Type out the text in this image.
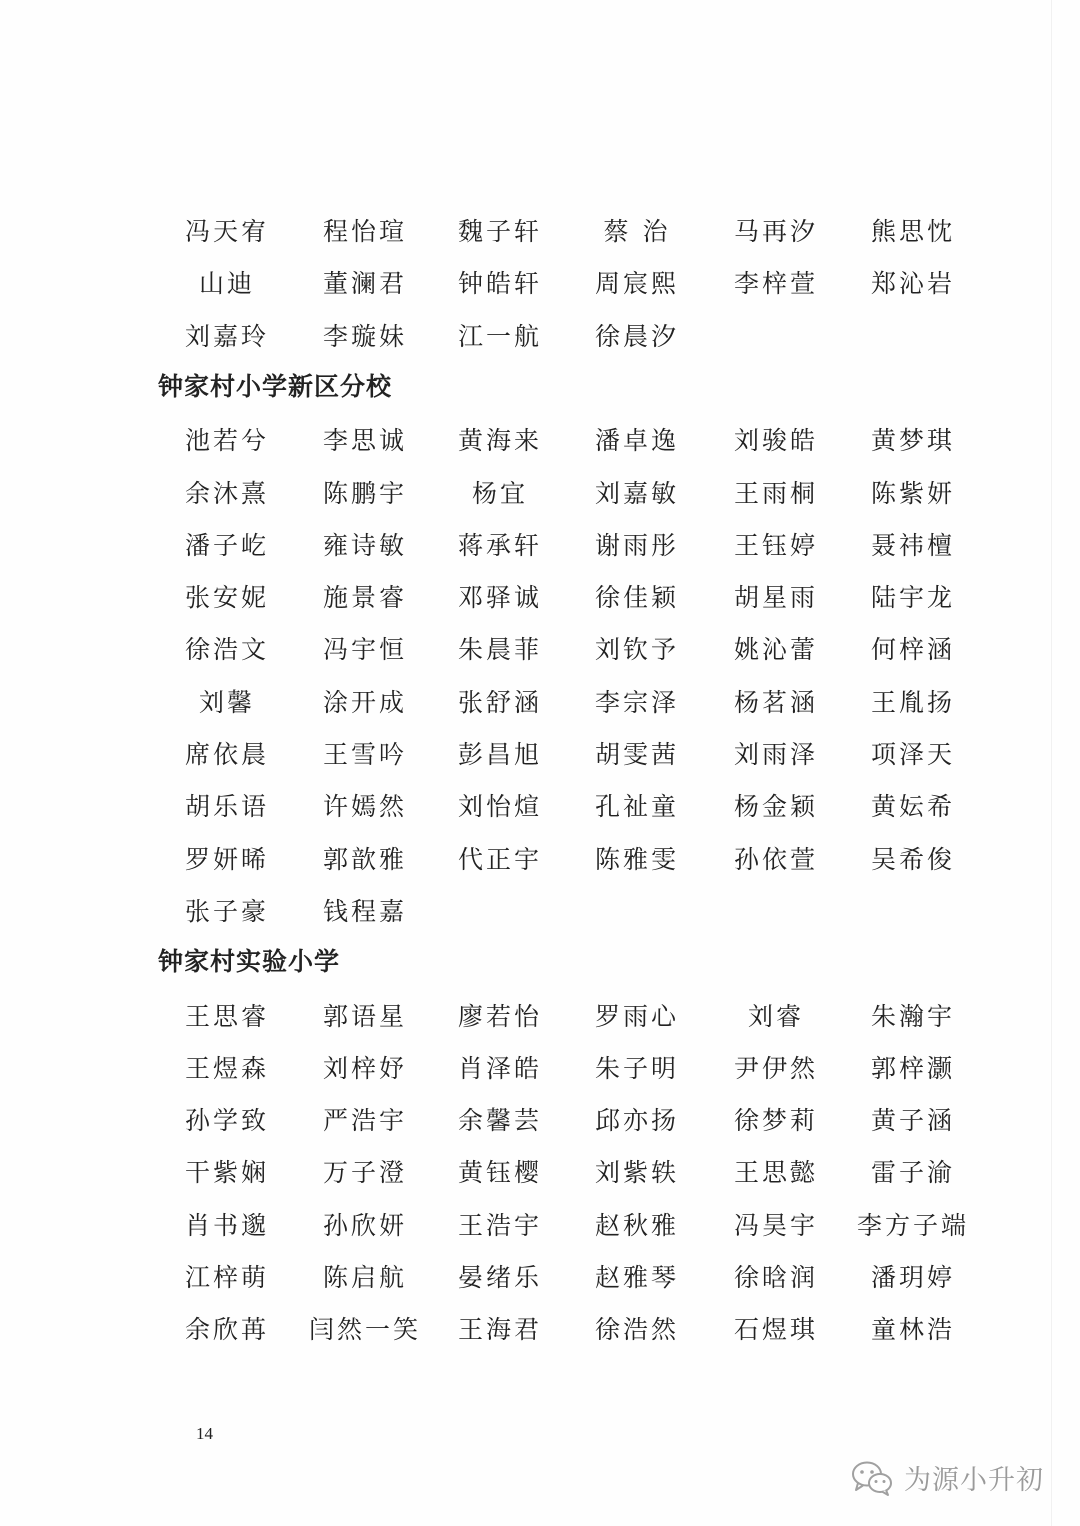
14
为源小升初
冯天宥	程怡瑄	魏子轩	蔡 治	马再汐	熊思忱
山迪	董澜君	钟皓轩	周宸熙	李梓萱	郑沁岩
刘嘉玲	李璇妹	江一航	徐晨汐
钟家村小学新区分校
池若兮	李思诚	黄海来	潘卓逸	刘骏皓	黄梦琪
余沐熹	陈鹏宇	杨宜	刘嘉敏	王雨桐	陈紫妍
潘子屹	雍诗敏	蒋承轩	谢雨彤	王钰婷	聂祎檀
张安妮	施景睿	邓驿诚	徐佳颖	胡星雨	陆宇龙
徐浩文	冯宇恒	朱晨菲	刘钦予	姚沁蕾	何梓涵
刘馨	涂开成	张舒涵	李宗泽	杨茗涵	王胤扬
席依晨	王雪吟	彭昌旭	胡雯茜	刘雨泽	项泽天
胡乐语	许嫣然	刘怡煊	孔祉童	杨金颖	黄妘希
罗妍晞	郭歆雅	代正宇	陈雅雯	孙依萱	吴希俊
张子豪	钱程嘉
钟家村实验小学
王思睿	郭语星	廖若怡	罗雨心	刘睿	朱瀚宇
王煜森	刘梓妤	肖泽皓	朱子明	尹伊然	郭梓灏
孙学致	严浩宇	余馨芸	邱亦扬	徐梦莉	黄子涵
干紫娴	万子澄	黄钰樱	刘紫轶	王思懿	雷子渝
肖书邈	孙欣妍	王浩宇	赵秋雅	冯昊宇	李方子端
江梓萌	陈启航	晏绪乐	赵雅琴	徐晗润	潘玥婷
余欣苒	闫然一笑	王海君	徐浩然	石煜琪	童林浩
